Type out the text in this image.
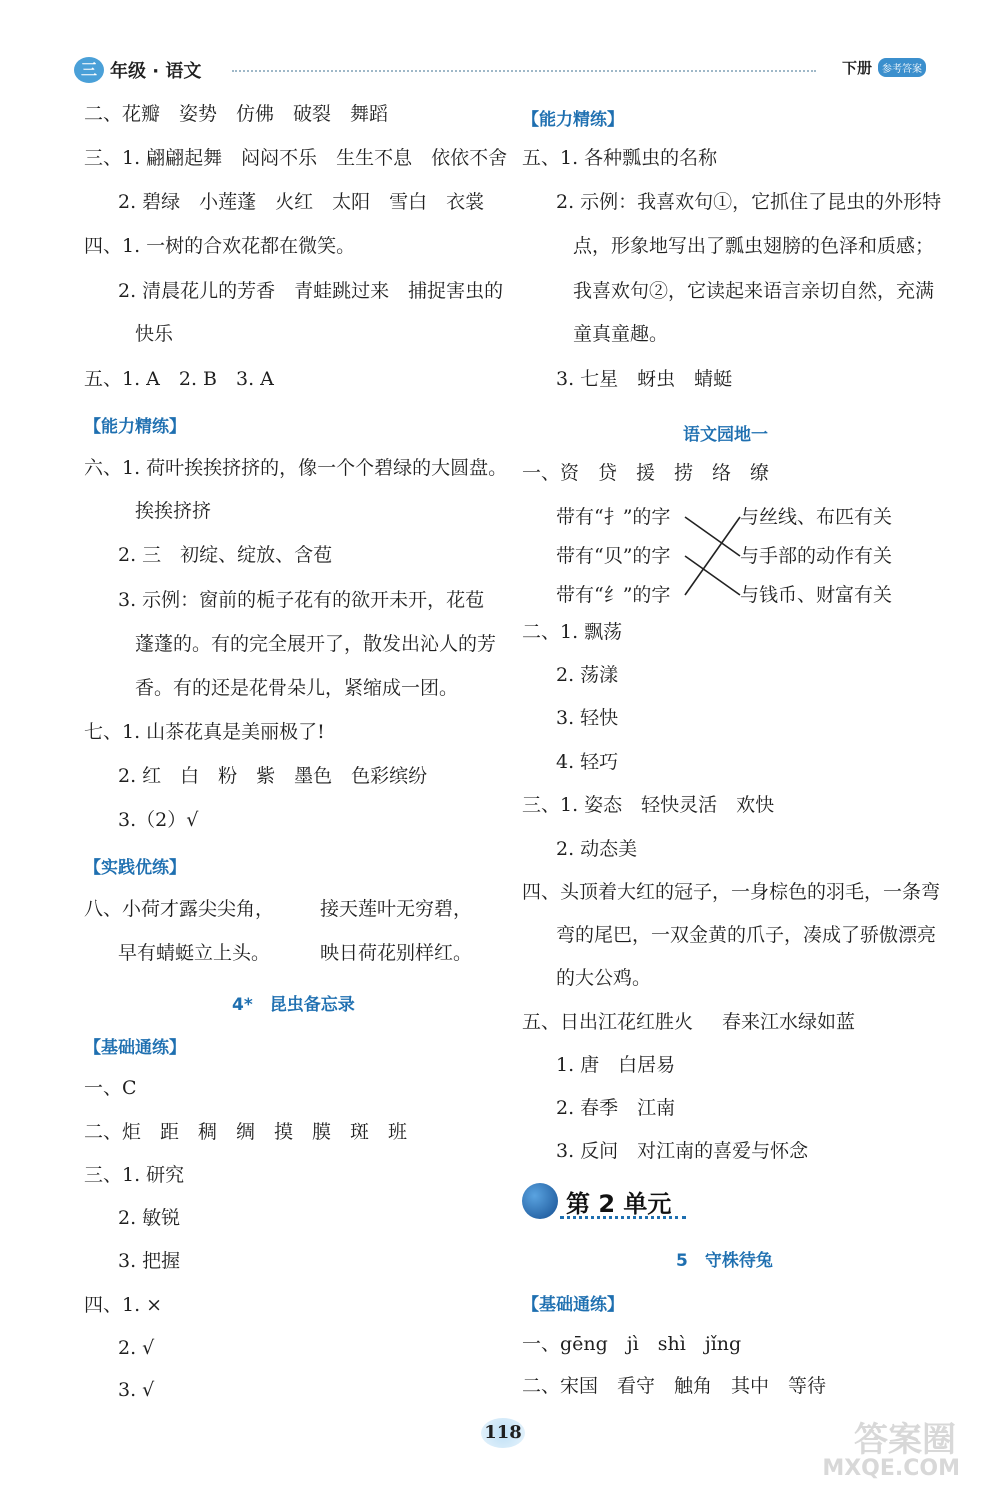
三 年级 · 语文	下册	参考答案
二、花瓣　姿势　仿佛　破裂　舞蹈
三、1. 翩翩起舞　闷闷不乐　生生不息　依依不舍
2. 碧绿　小莲蓬　火红　太阳　雪白　衣裳
四、1. 一树的合欢花都在微笑。
2. 清晨花儿的芳香　青蛙跳过来　捕捉害虫的
快乐
五、1. A　2. B　3. A
【能力精练】
六、1. 荷叶挨挨挤挤的，像一个个碧绿的大圆盘。
挨挨挤挤
2. 三　初绽、绽放、含苞
3. 示例：窗前的栀子花有的欲开未开，花苞
蓬蓬的。有的完全展开了，散发出沁人的芳
香。有的还是花骨朵儿，紧缩成一团。
七、1. 山茶花真是美丽极了!
2. 红　白　粉　紫　墨色　色彩缤纷
3.（2）√
【实践优练】
八、小荷才露尖尖角， 接天莲叶无穷碧，
早有蜻蜓立上头。	映日荷花别样红。
4*　昆虫备忘录
【基础通练】
一、C
二、炬　距　稠　绸　摸　膜　斑　班
三、1. 研究
2. 敏锐
3. 把握
四、1. ×
2. √
3. √
【能力精练】
五、1. 各种瓢虫的名称
2. 示例：我喜欢句①，它抓住了昆虫的外形特
点，形象地写出了瓢虫翅膀的色泽和质感；
我喜欢句②，它读起来语言亲切自然，充满
童真童趣。
3. 七星　蚜虫　蜻蜓
语文园地一
一、资　贷　援　捞　络　缭
带有“扌”的字
带有“贝”的字
带有“纟”的字
与丝线、布匹有关
与手部的动作有关
与钱币、财富有关
二、1. 飘荡
2. 荡漾
3. 轻快
4. 轻巧
三、1. 姿态　轻快灵活　欢快
2. 动态美
四、头顶着大红的冠子，一身棕色的羽毛，一条弯
弯的尾巴，一双金黄的爪子，凑成了骄傲漂亮
的大公鸡。
五、日出江花红胜火 春来江水绿如蓝
1. 唐　白居易
2. 春季　江南
3. 反问　对江南的喜爱与怀念
第 2 单元
5　守株待兔
【基础通练】
一、gēng　jì　shì　jǐng
二、宋国　看守　触角　其中　等待
118	答案圈
MXQE.COM
